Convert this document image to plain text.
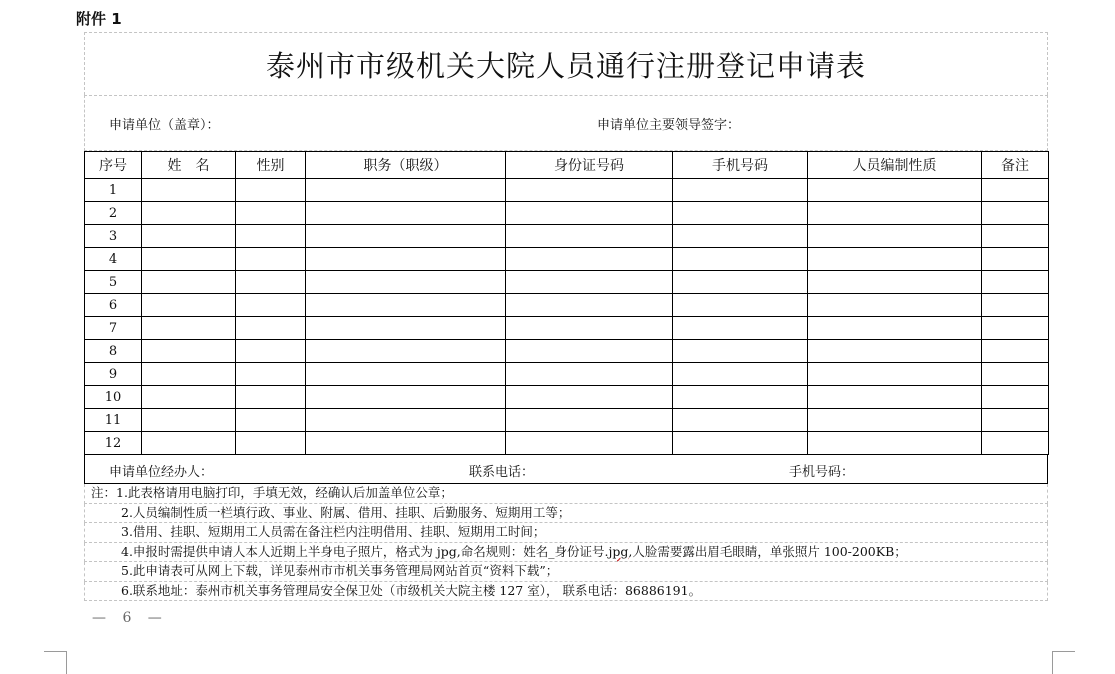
附件 1
泰州市市级机关大院人员通行注册登记申请表
申请单位（盖章）：	申请单位主要领导签字：
序号	姓　名	性别	职务（职级）	身份证号码	手机号码	人员编制性质	备注
1							
2							
3							
4							
5							
6							
7							
8							
9							
10							
11							
12							
申请单位经办人：	联系电话：	手机号码：
注：1.此表格请用电脑打印，手填无效，经确认后加盖单位公章；
2.人员编制性质一栏填行政、事业、附属、借用、挂职、后勤服务、短期用工等；
3.借用、挂职、短期用工人员需在备注栏内注明借用、挂职、短期用工时间；
4.申报时需提供申请人本人近期上半身电子照片，格式为 jpg,命名规则：姓名_身份证号.jpg,人脸需要露出眉毛眼睛，单张照片 100-200KB；
5.此申请表可从网上下载，详见泰州市市机关事务管理局网站首页“资料下载”；
6.联系地址：泰州市机关事务管理局安全保卫处（市级机关大院主楼 127 室）， 联系电话：86886191。
— 6 —
